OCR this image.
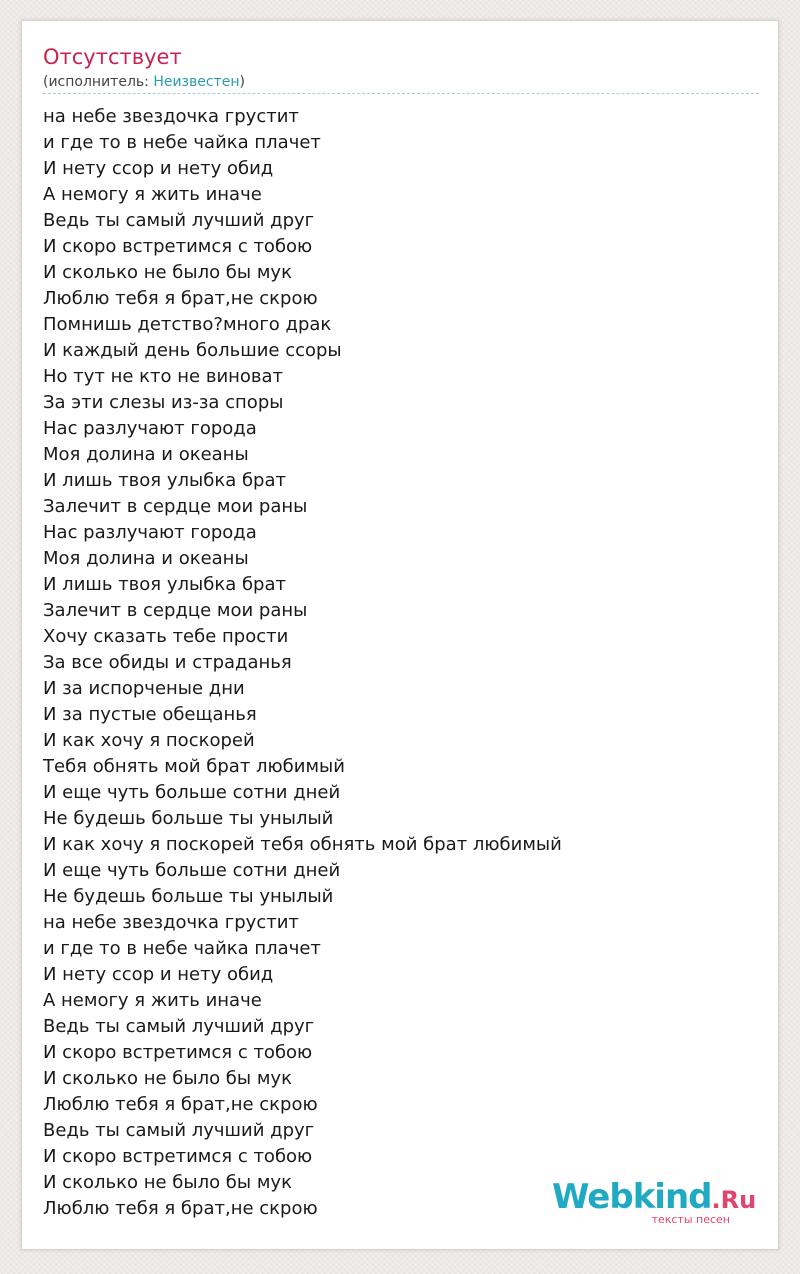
Отсутствует
(исполнитель: Неизвестен)
на небе звездочка грустит
и где то в небе чайка плачет
И нету ссор и нету обид
А немогу я жить иначе
Ведь ты самый лучший друг
И скоро встретимся с тобою
И сколько не было бы мук
Люблю тебя я брат,не скрою
Помнишь детство?много драк
И каждый день большие ссоры
Но тут не кто не виноват
За эти слезы из-за споры
Нас разлучают города
Моя долина и океаны
И лишь твоя улыбка брат
Залечит в сердце мои раны
Нас разлучают города
Моя долина и океаны
И лишь твоя улыбка брат
Залечит в сердце мои раны
Хочу сказать тебе прости
За все обиды и страданья
И за испорченые дни
И за пустые обещанья
И как хочу я поскорей
Тебя обнять мой брат любимый
И еще чуть больше сотни дней
Не будешь больше ты унылый
И как хочу я поскорей тебя обнять мой брат любимый
И еще чуть больше сотни дней
Не будешь больше ты унылый
на небе звездочка грустит
и где то в небе чайка плачет
И нету ссор и нету обид
А немогу я жить иначе
Ведь ты самый лучший друг
И скоро встретимся с тобою
И сколько не было бы мук
Люблю тебя я брат,не скрою
Ведь ты самый лучший друг
И скоро встретимся с тобою
И сколько не было бы мук
Люблю тебя я брат,не скрою	Webkind.Ru
тексты песен
